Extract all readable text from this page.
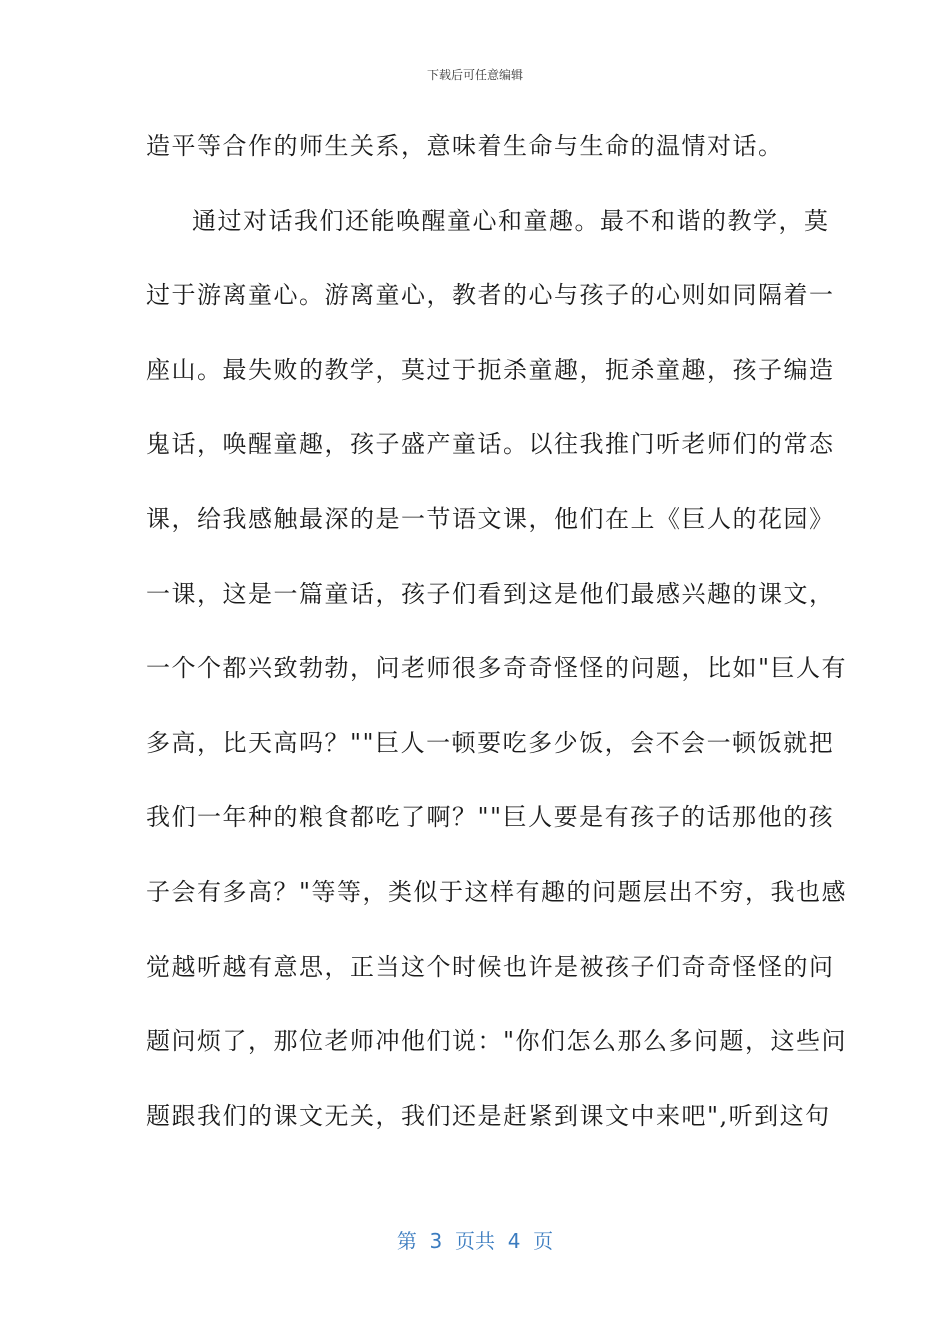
下载后可任意编辑
造平等合作的师生关系，意味着生命与生命的温情对话。
通过对话我们还能唤醒童心和童趣。最不和谐的教学，莫
过于游离童心。游离童心，教者的心与孩子的心则如同隔着一
座山。最失败的教学，莫过于扼杀童趣，扼杀童趣，孩子编造
鬼话，唤醒童趣，孩子盛产童话。以往我推门听老师们的常态
课，给我感触最深的是一节语文课，他们在上《巨人的花园》
一课，这是一篇童话，孩子们看到这是他们最感兴趣的课文，
一个个都兴致勃勃，问老师很多奇奇怪怪的问题，比如"巨人有
多高，比天高吗？""巨人一顿要吃多少饭，会不会一顿饭就把
我们一年种的粮食都吃了啊？""巨人要是有孩子的话那他的孩
子会有多高？"等等，类似于这样有趣的问题层出不穷，我也感
觉越听越有意思，正当这个时候也许是被孩子们奇奇怪怪的问
题问烦了，那位老师冲他们说："你们怎么那么多问题，这些问
题跟我们的课文无关，我们还是赶紧到课文中来吧",听到这句
第  3  页共  4  页
